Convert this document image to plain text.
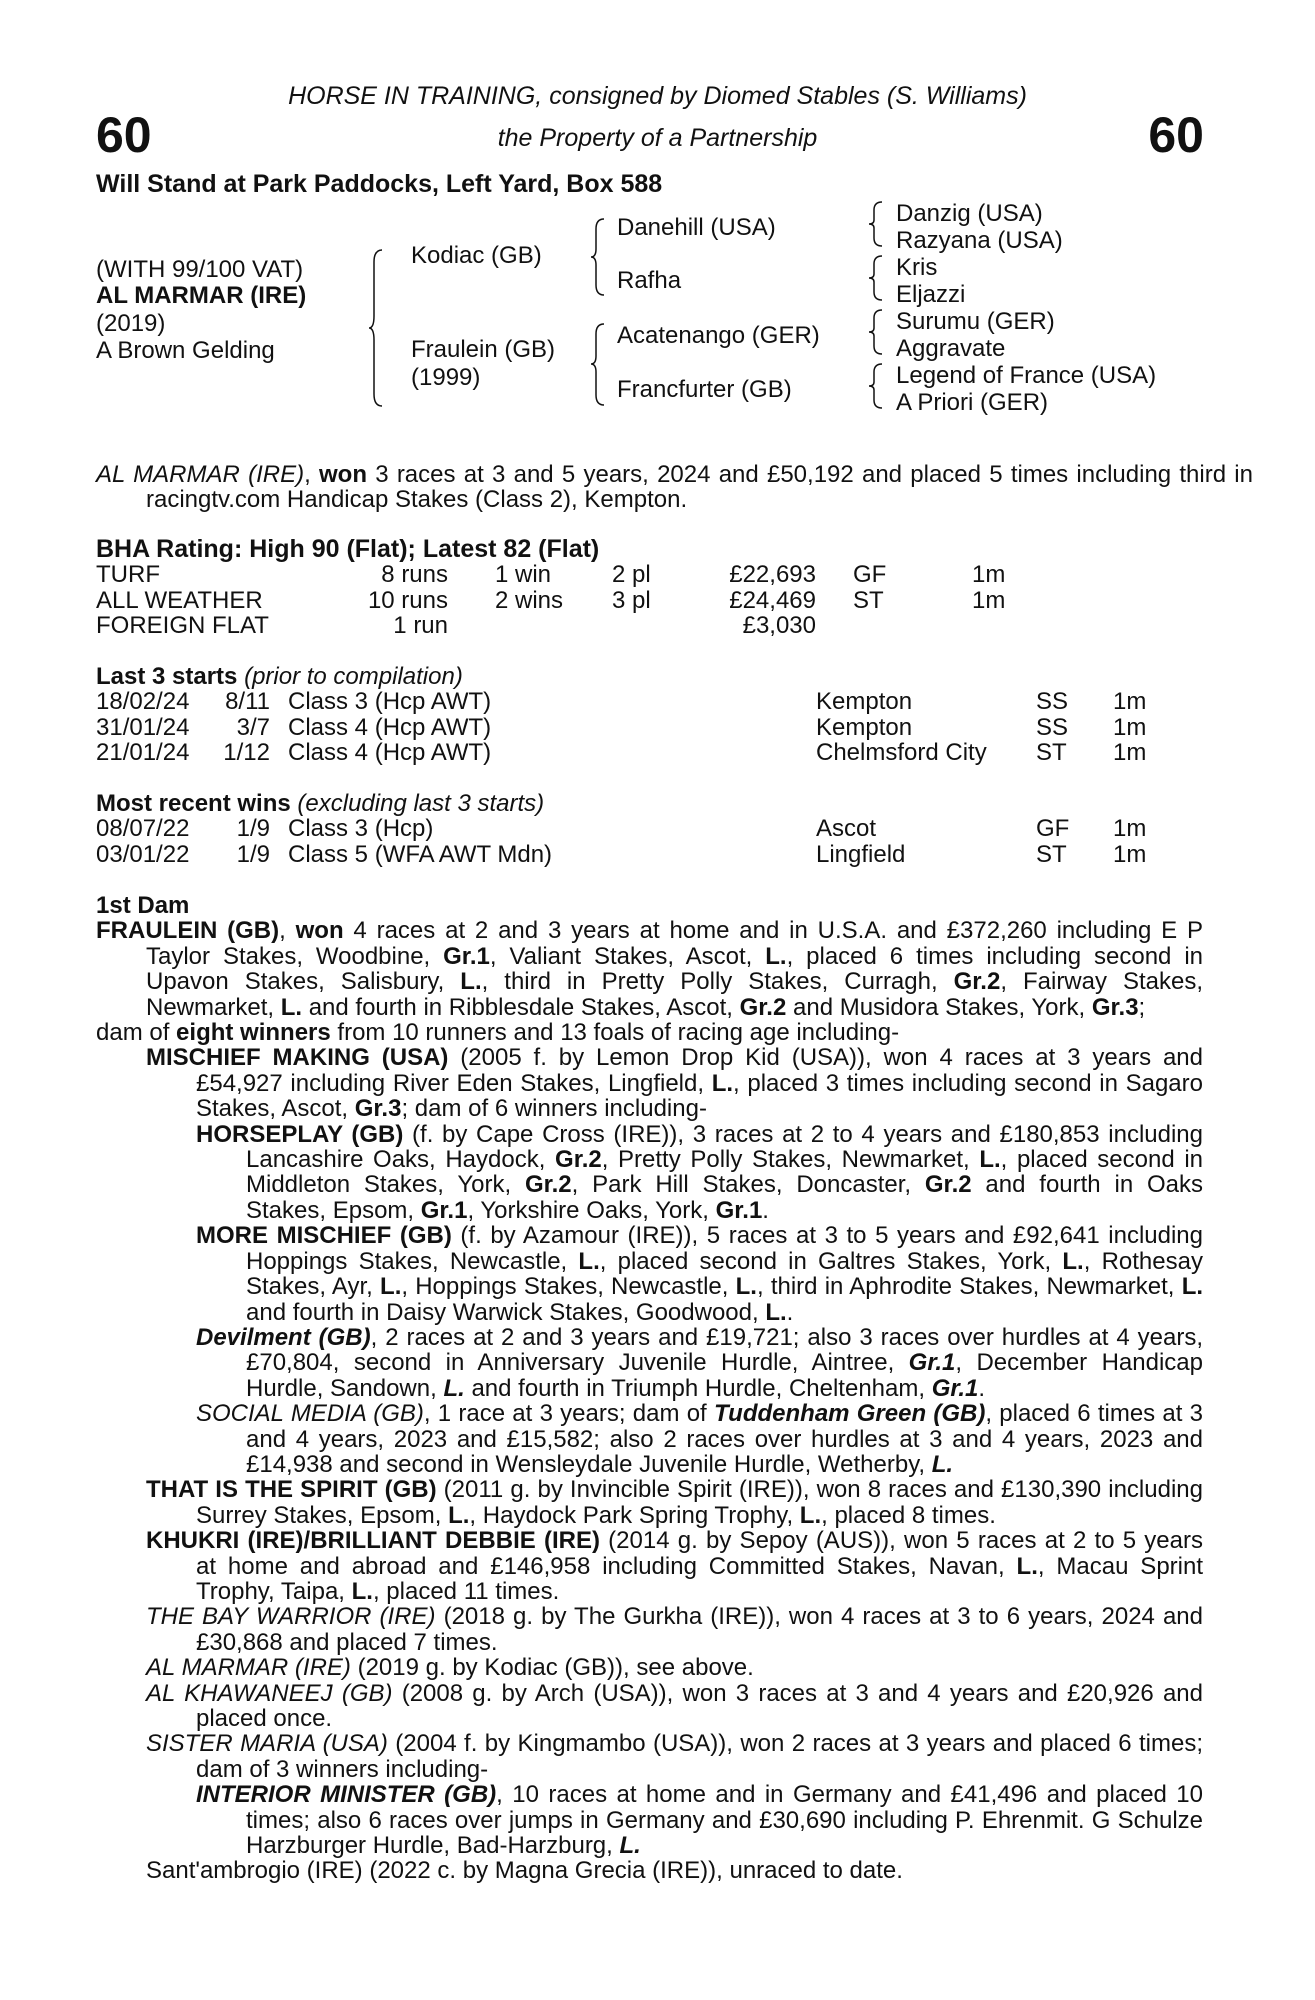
60	60
HORSE IN TRAINING, consigned by Diomed Stables (S. Williams)
the Property of a Partnership
Will Stand at Park Paddocks, Left Yard, Box 588
(WITH 99/100 VAT)
AL MARMAR (IRE)
(2019)
A Brown Gelding
Kodiac (GB)
Fraulein (GB)
(1999)
Danehill (USA)
Rafha
Acatenango (GER)
Francfurter (GB)
Danzig (USA)
Razyana (USA)
Kris
Eljazzi
Surumu (GER)
Aggravate
Legend of France (USA)
A Priori (GER)
AL MARMAR (IRE), won 3 races at 3 and 5 years, 2024 and £50,192 and placed 5 times including third in racingtv.com Handicap Stakes (Class 2), Kempton.
BHA Rating: High 90 (Flat); Latest 82 (Flat)
TURF	8 runs 1 win	2 pl	£22,693 GF	1m
ALL WEATHER	10 runs 2 wins 3 pl	£24,469 ST	1m
FOREIGN FLAT	1 run	£3,030
Last 3 starts (prior to compilation)
18/02/24	8/11 Class 3 (Hcp AWT)	Kempton	SS 1m
31/01/24	3/7 Class 4 (Hcp AWT)	Kempton	SS 1m
21/01/24	1/12 Class 4 (Hcp AWT)	Chelmsford City ST 1m
Most recent wins (excluding last 3 starts)
08/07/22	1/9 Class 3 (Hcp)	Ascot	GF 1m
03/01/22	1/9 Class 5 (WFA AWT Mdn)	Lingfield	ST 1m
1st Dam
FRAULEIN (GB), won 4 races at 2 and 3 years at home and in U.S.A. and £372,260 including E P Taylor Stakes, Woodbine, Gr.1, Valiant Stakes, Ascot, L., placed 6 times including second in Upavon Stakes, Salisbury, L., third in Pretty Polly Stakes, Curragh, Gr.2, Fairway Stakes, Newmarket, L. and fourth in Ribblesdale Stakes, Ascot, Gr.2 and Musidora Stakes, York, Gr.3;
dam of eight winners from 10 runners and 13 foals of racing age including-
MISCHIEF MAKING (USA) (2005 f. by Lemon Drop Kid (USA)), won 4 races at 3 years and £54,927 including River Eden Stakes, Lingfield, L., placed 3 times including second in Sagaro Stakes, Ascot, Gr.3; dam of 6 winners including-
HORSEPLAY (GB) (f. by Cape Cross (IRE)), 3 races at 2 to 4 years and £180,853 including Lancashire Oaks, Haydock, Gr.2, Pretty Polly Stakes, Newmarket, L., placed second in Middleton Stakes, York, Gr.2, Park Hill Stakes, Doncaster, Gr.2 and fourth in Oaks Stakes, Epsom, Gr.1, Yorkshire Oaks, York, Gr.1.
MORE MISCHIEF (GB) (f. by Azamour (IRE)), 5 races at 3 to 5 years and £92,641 including Hoppings Stakes, Newcastle, L., placed second in Galtres Stakes, York, L., Rothesay Stakes, Ayr, L., Hoppings Stakes, Newcastle, L., third in Aphrodite Stakes, Newmarket, L. and fourth in Daisy Warwick Stakes, Goodwood, L..
Devilment (GB), 2 races at 2 and 3 years and £19,721; also 3 races over hurdles at 4 years, £70,804, second in Anniversary Juvenile Hurdle, Aintree, Gr.1, December Handicap Hurdle, Sandown, L. and fourth in Triumph Hurdle, Cheltenham, Gr.1.
SOCIAL MEDIA (GB), 1 race at 3 years; dam of Tuddenham Green (GB), placed 6 times at 3 and 4 years, 2023 and £15,582; also 2 races over hurdles at 3 and 4 years, 2023 and £14,938 and second in Wensleydale Juvenile Hurdle, Wetherby, L.
THAT IS THE SPIRIT (GB) (2011 g. by Invincible Spirit (IRE)), won 8 races and £130,390 including Surrey Stakes, Epsom, L., Haydock Park Spring Trophy, L., placed 8 times.
KHUKRI (IRE)/BRILLIANT DEBBIE (IRE) (2014 g. by Sepoy (AUS)), won 5 races at 2 to 5 years at home and abroad and £146,958 including Committed Stakes, Navan, L., Macau Sprint Trophy, Taipa, L., placed 11 times.
THE BAY WARRIOR (IRE) (2018 g. by The Gurkha (IRE)), won 4 races at 3 to 6 years, 2024 and £30,868 and placed 7 times.
AL MARMAR (IRE) (2019 g. by Kodiac (GB)), see above.
AL KHAWANEEJ (GB) (2008 g. by Arch (USA)), won 3 races at 3 and 4 years and £20,926 and placed once.
SISTER MARIA (USA) (2004 f. by Kingmambo (USA)), won 2 races at 3 years and placed 6 times; dam of 3 winners including-
INTERIOR MINISTER (GB), 10 races at home and in Germany and £41,496 and placed 10 times; also 6 races over jumps in Germany and £30,690 including P. Ehrenmit. G Schulze Harzburger Hurdle, Bad-Harzburg, L.
Sant'ambrogio (IRE) (2022 c. by Magna Grecia (IRE)), unraced to date.
